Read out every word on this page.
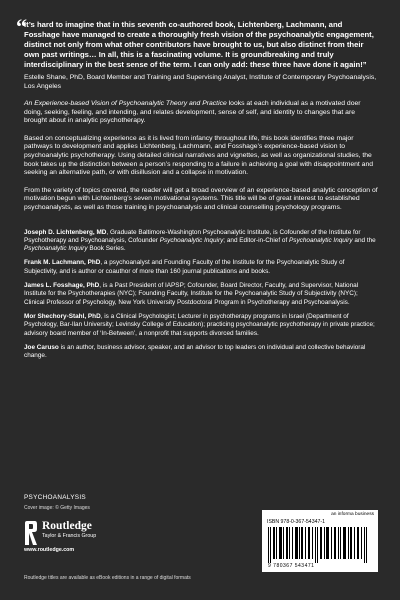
“

It’s hard to imagine that in this seventh co-authored book, Lichtenberg, Lachmann, and Fosshage have managed to create a thoroughly fresh vision of the psychoanalytic engagement, distinct not only from what other contributors have brought to us, but also distinct from their own past writings… In all, this is a fascinating volume. It is groundbreaking and truly interdisciplinary in the best sense of the term. I can only add: these three have done it again!”

Estelle Shane, PhD, Board Member and Training and Supervising Analyst, Institute of Contemporary Psychoanalysis, Los Angeles

An Experience-based Vision of Psychoanalytic Theory and Practice looks at each individual as a motivated doer doing, seeking, feeling, and intending, and relates development, sense of self, and identity to changes that are brought about in analytic psychotherapy.

Based on conceptualizing experience as it is lived from infancy throughout life, this book identifies three major pathways to development and applies Lichtenberg, Lachmann, and Fosshage’s experience-based vision to psychoanalytic psychotherapy. Using detailed clinical narratives and vignettes, as well as organizational studies, the book takes up the distinction between a person’s responding to a failure in achieving a goal with disappointment and seeking an alternative path, or with disillusion and a collapse in motivation.

From the variety of topics covered, the reader will get a broad overview of an experience-based analytic conception of motivation begun with Lichtenberg’s seven motivational systems. This title will be of great interest to established psychoanalysts, as well as those training in psychoanalysis and clinical counselling psychology programs.

Joseph D. Lichtenberg, MD, Graduate Baltimore-Washington Psychoanalytic Institute, is Cofounder of the Institute for Psychotherapy and Psychoanalysis, Cofounder Psychoanalytic Inquiry; and Editor-in-Chief of Psychoanalytic Inquiry and the Psychoanalytic Inquiry Book Series.

Frank M. Lachmann, PhD, a psychoanalyst and Founding Faculty of the Institute for the Psychoanalytic Study of Subjectivity, and is author or coauthor of more than 160 journal publications and books.

James L. Fosshage, PhD, is a Past President of IAPSP; Cofounder, Board Director, Faculty, and Supervisor, National Institute for the Psychotherapies (NYC); Founding Faculty, Institute for the Psychoanalytic Study of Subjectivity (NYC); Clinical Professor of Psychology, New York University Postdoctoral Program in Psychotherapy and Psychoanalysis.

Mor Shechory-Stahl, PhD, is a Clinical Psychologist; Lecturer in psychotherapy programs in Israel (Department of Psychology, Bar-Ilan University; Levinsky College of Education); practicing psychoanalytic psychotherapy in private practice; advisory board member of ‘In-Between’, a nonprofit that supports divorced families.

Joe Caruso is an author, business advisor, speaker, and an advisor to top leaders on individual and collective behavioral change.

PSYCHOANALYSIS
Cover image: © Getty Images
Routledge
Taylor & Francis Group
www.routledge.com
Routledge titles are available as eBook editions in a range of digital formats
an informa business
ISBN 978-0-367-54347-1
9 780367 543471
